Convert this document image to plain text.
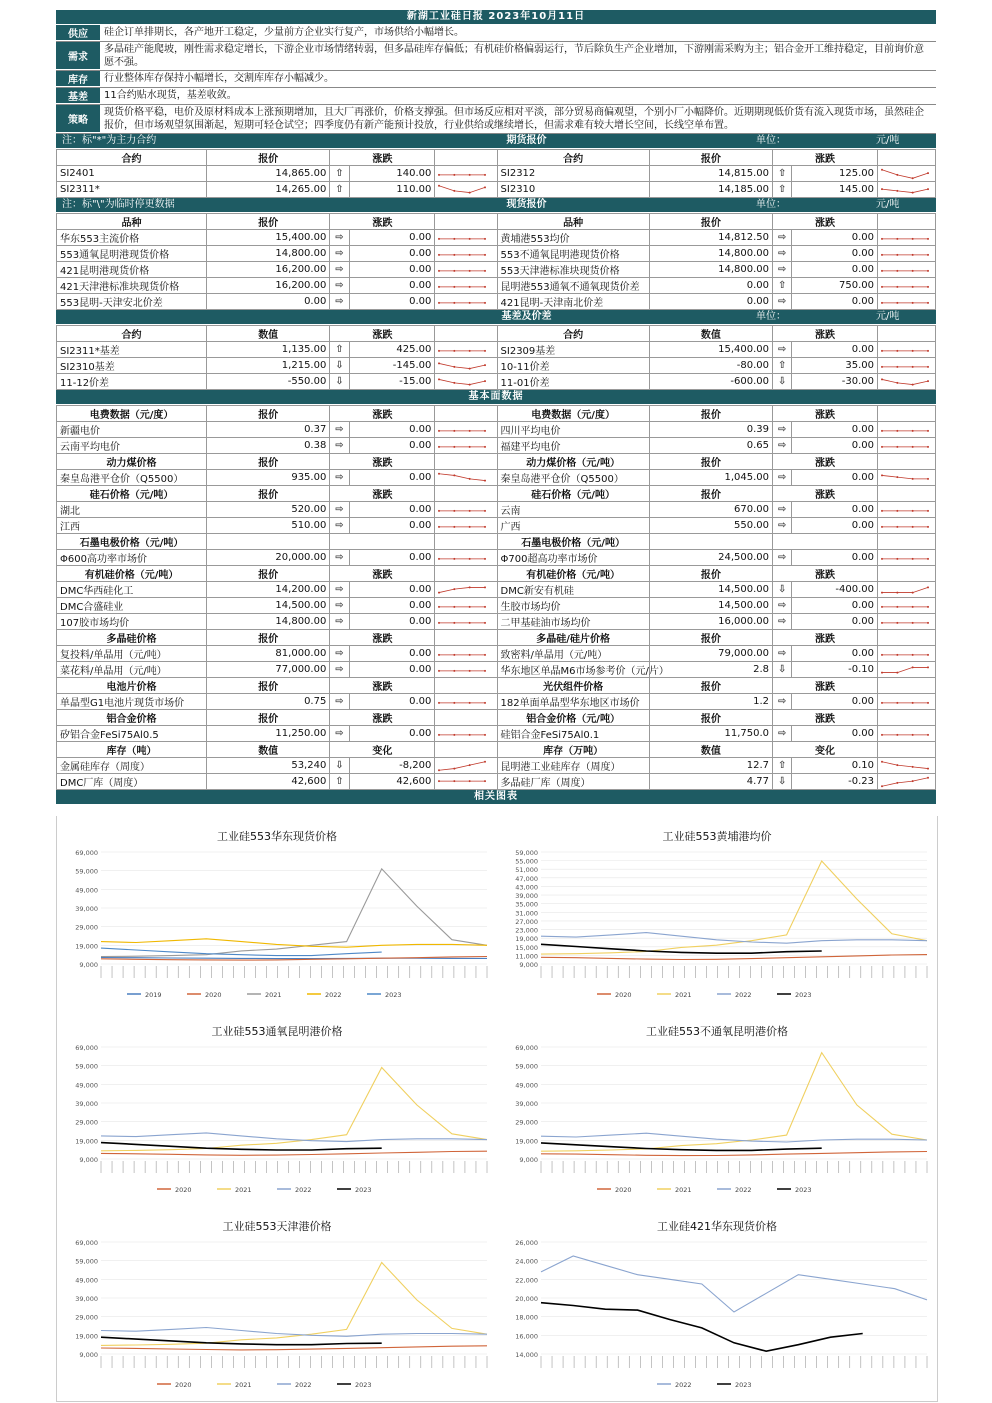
新湖工业硅日报 2023年10月11日
供应	硅企订单排期长，各产地开工稳定，少量前方企业实行复产，市场供给小幅增长。
需求
多晶硅产能爬坡，刚性需求稳定增长，下游企业市场情绪转弱，但多晶硅库存偏低；有机硅价格偏弱运行，节后除负生产企业增加，下游刚需采购为主；铝合金开工维持稳定，目前询价意愿不强。
库存	行业整体库存保持小幅增长，交割库库存小幅减少。
基差	11合约贴水现货，基差收敛。
策略
现货价格平稳，电价及原材料成本上涨预期增加，且大厂再涨价，价格支撑强。但市场反应相对平淡，部分贸易商偏观望，个别小厂小幅降价。近期期现低价货有流入现货市场，虽然硅企报价，但市场观望氛围渐起，短期可轻仓试空；四季度仍有新产能预计投放，行业供给或继续增长，但需求难有较大增长空间，长线空单布置。
注：标"*"为主力合约	期货报价	单位：	元/吨
合约	报价	涨跌			合约	报价	涨跌		
SI2401	14,865.00	⇧	140.00		SI2312	14,815.00	⇧	125.00	

SI2311*	14,265.00	⇧	110.00		SI2310	14,185.00	⇧	145.00	
注：标"\"为临时停更数据	现货报价	单位：	元/吨
品种	报价	涨跌			品种	报价	涨跌		
华东553主流价格	15,400.00	⇨	0.00		黄埔港553均价	14,812.50	⇨	0.00	

553通氧昆明港现货价格	14,800.00	⇨	0.00		553不通氧昆明港现货价格	14,800.00	⇨	0.00	

421昆明港现货价格	16,200.00	⇨	0.00		553天津港标准块现货价格	14,800.00	⇨	0.00	

421天津港标准块现货价格	16,200.00	⇨	0.00		昆明港553通氧不通氧现货价差	0.00	⇧	750.00	

553昆明-天津安北价差	0.00	⇨	0.00		421昆明-天津南北价差	0.00	⇨	0.00	
基差及价差	单位：	元/吨
合约	数值	涨跌			合约	数值	涨跌		
SI2311*基差	1,135.00	⇧	425.00		SI2309基差	15,400.00	⇨	0.00	

SI2310基差	1,215.00	⇩	-145.00		10-11价差	-80.00	⇧	35.00	

11-12价差	-550.00	⇩	-15.00		11-01价差	-600.00	⇩	-30.00	
基本面数据
电费数据（元/度）	报价	涨跌			电费数据（元/度）	报价	涨跌		
新疆电价	0.37	⇨	0.00		四川平均电价	0.39	⇨	0.00	

云南平均电价	0.38	⇨	0.00		福建平均电价	0.65	⇨	0.00	

动力煤价格	报价	涨跌			动力煤价格（元/吨）	报价	涨跌		
秦皇岛港平仓价（Q5500）	935.00	⇨	0.00		秦皇岛港平仓价（Q5500）	1,045.00	⇨	0.00	

硅石价格（元/吨）	报价	涨跌			硅石价格（元/吨）	报价	涨跌		
湖北	520.00	⇨	0.00		云南	670.00	⇨	0.00	

江西	510.00	⇨	0.00		广西	550.00	⇨	0.00	

石墨电极价格（元/吨）					石墨电极价格（元/吨）				
Φ600高功率市场价	20,000.00	⇨	0.00		Φ700超高功率市场价	24,500.00	⇨	0.00	

有机硅价格（元/吨）	报价	涨跌			有机硅价格（元/吨）	报价	涨跌		
DMC华西硅化工	14,200.00	⇨	0.00		DMC新安有机硅	14,500.00	⇩	-400.00	

DMC合盛硅业	14,500.00	⇨	0.00		生胶市场均价	14,500.00	⇨	0.00	

107胶市场均价	14,800.00	⇨	0.00		二甲基硅油市场均价	16,000.00	⇨	0.00	

多晶硅价格	报价	涨跌			多晶硅/硅片价格	报价	涨跌		
复投料/单晶用（元/吨）	81,000.00	⇨	0.00		致密料/单晶用（元/吨）	79,000.00	⇨	0.00	

菜花料/单晶用（元/吨）	77,000.00	⇨	0.00		华东地区单晶M6市场参考价（元/片）	2.8	⇩	-0.10	

电池片价格	报价	涨跌			光伏组件价格	报价	涨跌		
单晶型G1电池片现货市场价	0.75	⇨	0.00		182单面单晶型华东地区市场价	1.2	⇨	0.00	

铝合金价格	报价	涨跌			铝合金价格（元/吨）	报价	涨跌		
矽铝合金FeSi75Al0.5	11,250.00	⇨	0.00		硅铝合金FeSi75Al0.1	11,750.0	⇨	0.00	

库存（吨）	数值	变化			库存（万吨）	数值	变化		
金属硅库存（周度）	53,240	⇩	-8,200		昆明港工业硅库存（周度）	12.7	⇧	0.10	

DMC厂库（周度）	42,600	⇧	42,600		多晶硅厂库（周度）	4.77	⇩	-0.23	
相关图表
工业硅553华东现货价格
9,000
19,000
29,000
39,000
49,000
59,000
69,000
2019	2020	2021	2022	2023
工业硅553黄埔港均价
9,000
11,000
15,000
19,000
23,000
27,000
31,000
35,000
39,000
43,000
47,000
51,000
55,000
59,000
2020	2021	2022	2023
工业硅553通氧昆明港价格
9,000
19,000
29,000
39,000
49,000
59,000
69,000
2020	2021	2022	2023
工业硅553不通氧昆明港价格
9,000
19,000
29,000
39,000
49,000
59,000
69,000
2020	2021	2022	2023
工业硅553天津港价格
9,000
19,000
29,000
39,000
49,000
59,000
69,000
2020	2021	2022	2023
工业硅421华东现货价格
14,000
16,000
18,000
20,000
22,000
24,000
26,000
2022	2023
